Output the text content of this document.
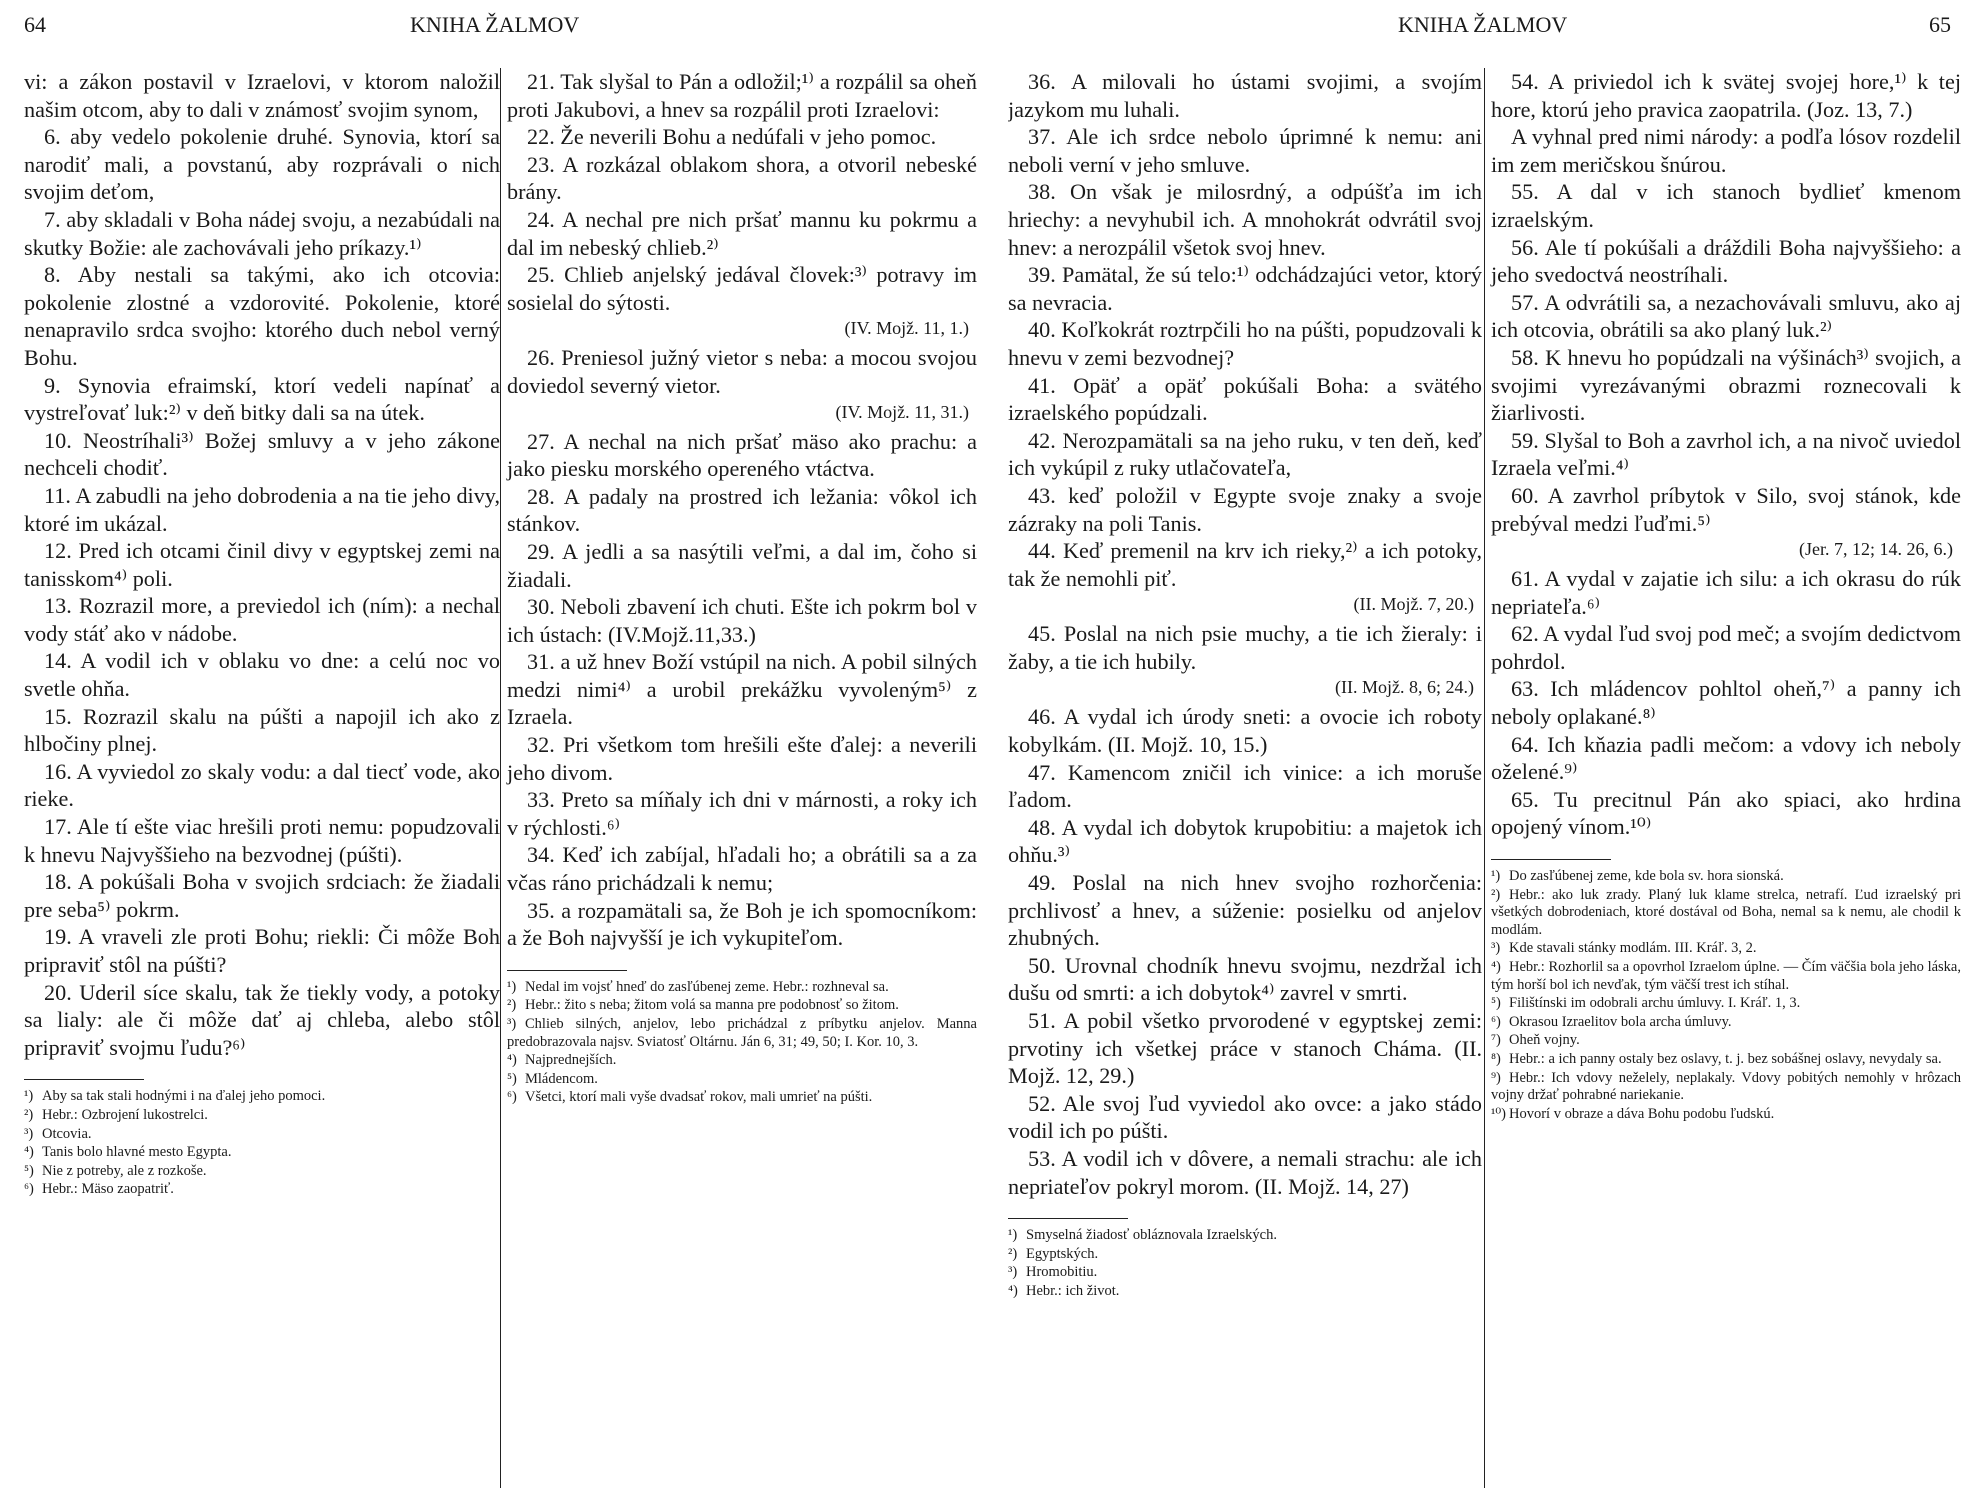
64	KNIHA ŽALMOV

vi: a zákon postavil v Izraelovi, v ktorom naložil našim otcom, aby to dali v známosť svojim synom,

6. aby vedelo pokolenie druhé. Synovia, ktorí sa narodiť mali, a povstanú, aby rozprávali o nich svojim deťom,

7. aby skladali v Boha nádej svoju, a nezabúdali na skutky Božie: ale zachovávali jeho príkazy.¹⁾

8. Aby nestali sa takými, ako ich otcovia: pokolenie zlostné a vzdorovité. Pokolenie, ktoré nenapravilo srdca svojho: ktorého duch nebol verný Bohu.

9. Synovia efraimskí, ktorí vedeli napínať a vystreľovať luk:²⁾ v deň bitky dali sa na útek.

10. Neostríhali³⁾ Božej smluvy a v jeho zákone nechceli chodiť.

11. A zabudli na jeho dobrodenia a na tie jeho divy, ktoré im ukázal.

12. Pred ich otcami činil divy v egyptskej zemi na tanisskom⁴⁾ poli.

13. Rozrazil more, a previedol ich (ním): a nechal vody stáť ako v nádobe.

14. A vodil ich v oblaku vo dne: a celú noc vo svetle ohňa.

15. Rozrazil skalu na púšti a napojil ich ako z hlbočiny plnej.

16. A vyviedol zo skaly vodu: a dal tiecť vode, ako rieke.

17. Ale tí ešte viac hrešili proti nemu: popudzovali k hnevu Najvyššieho na bezvodnej (púšti).

18. A pokúšali Boha v svojich srdciach: že žiadali pre seba⁵⁾ pokrm.

19. A vraveli zle proti Bohu; riekli: Či môže Boh pripraviť stôl na púšti?

20. Uderil síce skalu, tak že tiekly vody, a potoky sa lialy: ale či môže dať aj chleba, alebo stôl pripraviť svojmu ľudu?⁶⁾

¹) Aby sa tak stali hodnými i na ďalej jeho pomoci.

²) Hebr.: Ozbrojení lukostrelci.

³) Otcovia.

⁴) Tanis bolo hlavné mesto Egypta.

⁵) Nie z potreby, ale z rozkoše.

⁶) Hebr.: Mäso zaopatriť.

21. Tak slyšal to Pán a odložil;¹⁾ a rozpálil sa oheň proti Jakubovi, a hnev sa rozpálil proti Izraelovi:

22. Že neverili Bohu a nedúfali v jeho pomoc.

23. A rozkázal oblakom shora, a otvoril nebeské brány.

24. A nechal pre nich pršať mannu ku pokrmu a dal im nebeský chlieb.²⁾

25. Chlieb anjelský jedával človek:³⁾ potravy im sosielal do sýtosti.

(IV. Mojž. 11, 1.)

26. Preniesol južný vietor s neba: a mocou svojou doviedol severný vietor.

(IV. Mojž. 11, 31.)

27. A nechal na nich pršať mäso ako prachu: a jako piesku morského opereného vtáctva.

28. A padaly na prostred ich ležania: vôkol ich stánkov.

29. A jedli a sa nasýtili veľmi, a dal im, čoho si žiadali.

30. Neboli zbavení ich chuti. Ešte ich pokrm bol v ich ústach: (IV.Mojž.11,33.)

31. a už hnev Boží vstúpil na nich. A pobil silných medzi nimi⁴⁾ a urobil prekážku vyvoleným⁵⁾ z Izraela.

32. Pri všetkom tom hrešili ešte ďalej: a neverili jeho divom.

33. Preto sa míňaly ich dni v márnosti, a roky ich v rýchlosti.⁶⁾

34. Keď ich zabíjal, hľadali ho; a obrátili sa a za včas ráno prichádzali k nemu;

35. a rozpamätali sa, že Boh je ich spomocníkom: a že Boh najvyšší je ich vykupiteľom.

¹) Nedal im vojsť hneď do zasľúbenej zeme. Hebr.: rozhneval sa.

²) Hebr.: žito s neba; žitom volá sa manna pre podobnosť so žitom.

³) Chlieb silných, anjelov, lebo prichádzal z príbytku anjelov. Manna predobrazovala najsv. Sviatosť Oltárnu. Ján 6, 31; 49, 50; I. Kor. 10, 3.

⁴) Najprednejších.

⁵) Mládencom.

⁶) Všetci, ktorí mali vyše dvadsať rokov, mali umrieť na púšti.

KNIHA ŽALMOV	65

36. A milovali ho ústami svojimi, a svojím jazykom mu luhali.

37. Ale ich srdce nebolo úprimné k nemu: ani neboli verní v jeho smluve.

38. On však je milosrdný, a odpúšťa im ich hriechy: a nevyhubil ich. A mnohokrát odvrátil svoj hnev: a nerozpálil všetok svoj hnev.

39. Pamätal, že sú telo:¹⁾ odchádzajúci vetor, ktorý sa nevracia.

40. Koľkokrát roztrpčili ho na púšti, popudzovali k hnevu v zemi bezvodnej?

41. Opäť a opäť pokúšali Boha: a svätého izraelského popúdzali.

42. Nerozpamätali sa na jeho ruku, v ten deň, keď ich vykúpil z ruky utlačovateľa,

43. keď položil v Egypte svoje znaky a svoje zázraky na poli Tanis.

44. Keď premenil na krv ich rieky,²⁾ a ich potoky, tak že nemohli piť.

(II. Mojž. 7, 20.)

45. Poslal na nich psie muchy, a tie ich žieraly: i žaby, a tie ich hubily.

(II. Mojž. 8, 6; 24.)

46. A vydal ich úrody sneti: a ovocie ich roboty kobylkám. (II. Mojž. 10, 15.)

47. Kamencom zničil ich vinice: a ich moruše ľadom.

48. A vydal ich dobytok krupobitiu: a majetok ich ohňu.³⁾

49. Poslal na nich hnev svojho rozhorčenia: prchlivosť a hnev, a súženie: posielku od anjelov zhubných.

50. Urovnal chodník hnevu svojmu, nezdržal ich dušu od smrti: a ich dobytok⁴⁾ zavrel v smrti.

51. A pobil všetko prvorodené v egyptskej zemi: prvotiny ich všetkej práce v stanoch Cháma. (II. Mojž. 12, 29.)

52. Ale svoj ľud vyviedol ako ovce: a jako stádo vodil ich po púšti.

53. A vodil ich v dôvere, a nemali strachu: ale ich nepriateľov pokryl morom. (II. Mojž. 14, 27)

¹) Smyselná žiadosť obláznovala Izraelských.

²) Egyptských.

³) Hromobitiu.

⁴) Hebr.: ich život.

54. A priviedol ich k svätej svojej hore,¹⁾ k tej hore, ktorú jeho pravica zaopatrila. (Joz. 13, 7.)

A vyhnal pred nimi národy: a podľa lósov rozdelil im zem meričskou šnúrou.

55. A dal v ich stanoch bydlieť kmenom izraelským.

56. Ale tí pokúšali a dráždili Boha najvyššieho: a jeho svedoctvá neostríhali.

57. A odvrátili sa, a nezachovávali smluvu, ako aj ich otcovia, obrátili sa ako planý luk.²⁾

58. K hnevu ho popúdzali na výšinách³⁾ svojich, a svojimi vyrezávanými obrazmi roznecovali k žiarlivosti.

59. Slyšal to Boh a zavrhol ich, a na nivoč uviedol Izraela veľmi.⁴⁾

60. A zavrhol príbytok v Silo, svoj stánok, kde prebýval medzi ľuďmi.⁵⁾

(Jer. 7, 12; 14. 26, 6.)

61. A vydal v zajatie ich silu: a ich okrasu do rúk nepriateľa.⁶⁾

62. A vydal ľud svoj pod meč; a svojím dedictvom pohrdol.

63. Ich mládencov pohltol oheň,⁷⁾ a panny ich neboly oplakané.⁸⁾

64. Ich kňazia padli mečom: a vdovy ich neboly oželené.⁹⁾

65. Tu precitnul Pán ako spiaci, ako hrdina opojený vínom.¹⁰⁾

¹) Do zasľúbenej zeme, kde bola sv. hora sionská.

²) Hebr.: ako luk zrady. Planý luk klame strelca, netrafí. Ľud izraelský pri všetkých dobrodeniach, ktoré dostával od Boha, nemal sa k nemu, ale chodil k modlám.

³) Kde stavali stánky modlám. III. Kráľ. 3, 2.

⁴) Hebr.: Rozhorlil sa a opovrhol Izraelom úplne. — Čím väčšia bola jeho láska, tým horší bol ich nevďak, tým väčší trest ich stíhal.

⁵) Filištínski im odobrali archu úmluvy. I. Kráľ. 1, 3.

⁶) Okrasou Izraelitov bola archa úmluvy.

⁷) Oheň vojny.

⁸) Hebr.: a ich panny ostaly bez oslavy, t. j. bez sobášnej oslavy, nevydaly sa.

⁹) Hebr.: Ich vdovy neželely, neplakaly. Vdovy pobitých nemohly v hrôzach vojny držať pohrabné nariekanie.

¹⁰) Hovorí v obraze a dáva Bohu podobu ľudskú.
